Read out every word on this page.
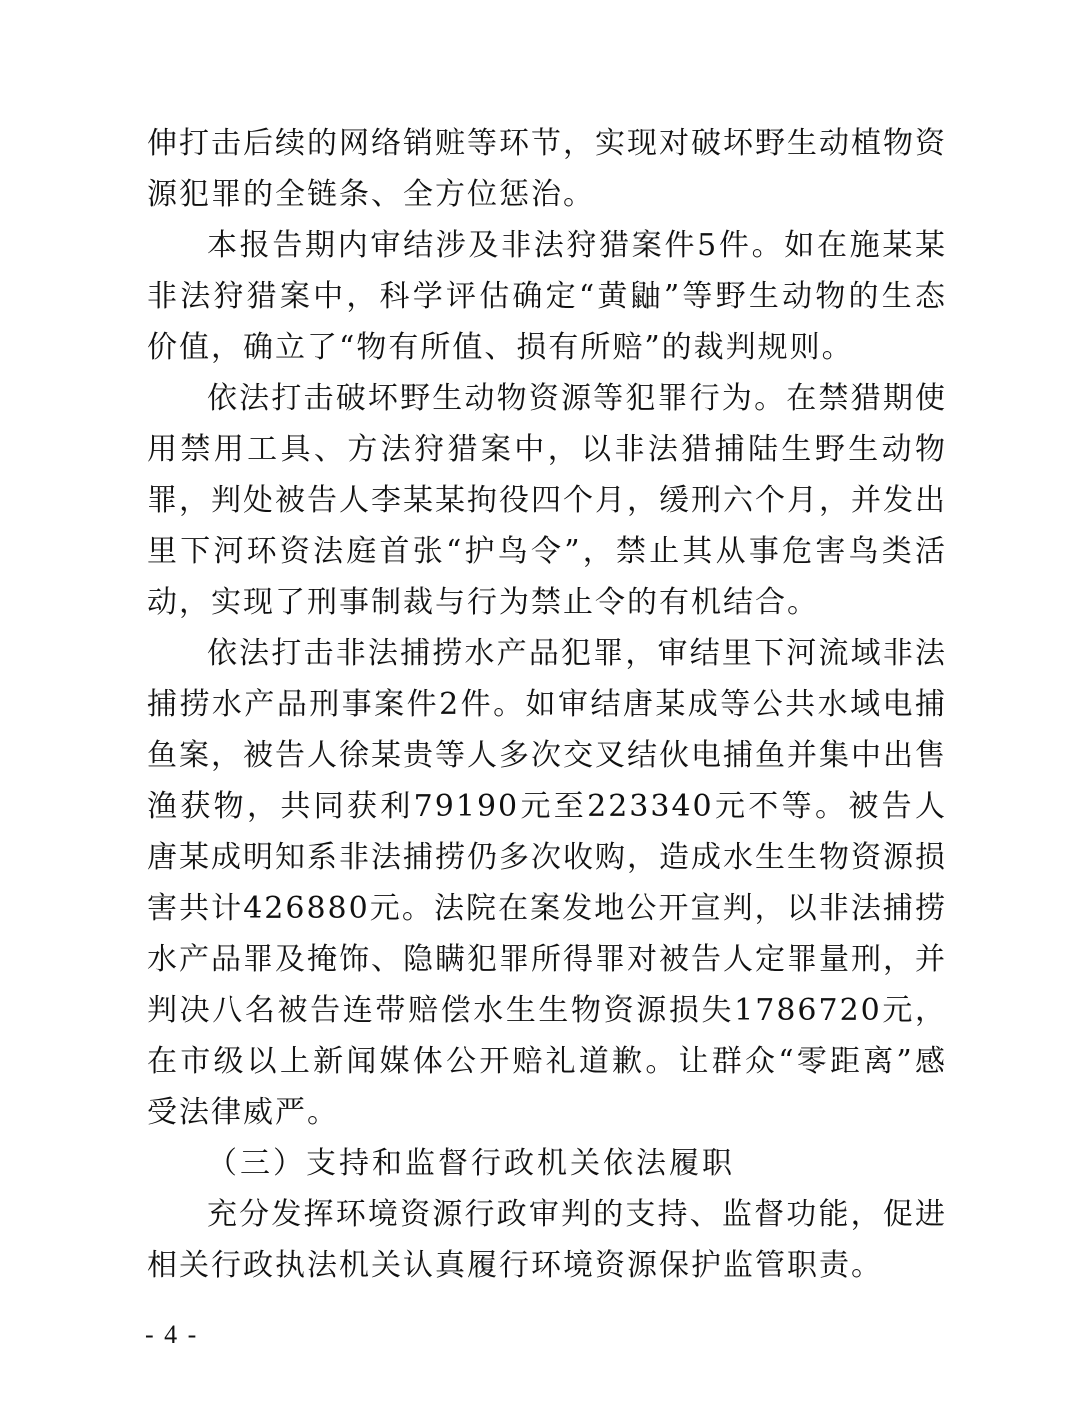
伸打击后续的网络销赃等环节，实现对破坏野生动植物资源犯罪的全链条、全方位惩治。

本报告期内审结涉及非法狩猎案件5件。如在施某某非法狩猎案中，科学评估确定“黄鼬”等野生动物的生态价值，确立了“物有所值、损有所赔”的裁判规则。

依法打击破坏野生动物资源等犯罪行为。在禁猎期使用禁用工具、方法狩猎案中，以非法猎捕陆生野生动物罪，判处被告人李某某拘役四个月，缓刑六个月，并发出里下河环资法庭首张“护鸟令”，禁止其从事危害鸟类活动，实现了刑事制裁与行为禁止令的有机结合。

依法打击非法捕捞水产品犯罪，审结里下河流域非法捕捞水产品刑事案件2件。如审结唐某成等公共水域电捕鱼案，被告人徐某贵等人多次交叉结伙电捕鱼并集中出售渔获物，共同获利79190元至223340元不等。被告人唐某成明知系非法捕捞仍多次收购，造成水生生物资源损害共计426880元。法院在案发地公开宣判，以非法捕捞水产品罪及掩饰、隐瞒犯罪所得罪对被告人定罪量刑，并判决八名被告连带赔偿水生生物资源损失1786720元，在市级以上新闻媒体公开赔礼道歉。让群众“零距离”感受法律威严。

（三）支持和监督行政机关依法履职

充分发挥环境资源行政审判的支持、监督功能，促进相关行政执法机关认真履行环境资源保护监管职责。

- 4 -
